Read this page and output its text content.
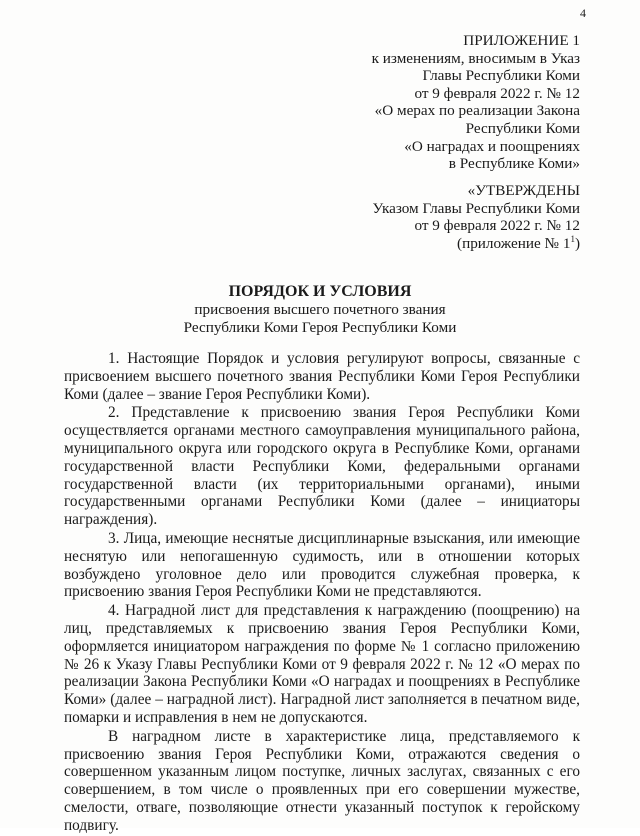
4
ПРИЛОЖЕНИЕ 1
к изменениям, вносимым в Указ
Главы Республики Коми
от 9 февраля 2022 г. № 12
«О мерах по реализации Закона
Республики Коми
«О наградах и поощрениях
в Республике Коми»
«УТВЕРЖДЕНЫ
Указом Главы Республики Коми
от 9 февраля 2022 г. № 12
(приложение № $1^1$)
ПОРЯДОК И УСЛОВИЯ
присвоения высшего почетного звания
Республики Коми Героя Республики Коми

1. Настоящие Порядок и условия регулируют вопросы, связанные с присвоением высшего почетного звания Республики Коми Героя Республики Коми (далее – звание Героя Республики Коми).

2. Представление к присвоению звания Героя Республики Коми осуществляется органами местного самоуправления муниципального района, муниципального округа или городского округа в Республике Коми, органами государственной власти Республики Коми, федеральными органами государственной власти (их территориальными органами), иными государственными органами Республики Коми (далее – инициаторы награждения).

3. Лица, имеющие неснятые дисциплинарные взыскания, или имеющие неснятую или непогашенную судимость, или в отношении которых возбуждено уголовное дело или проводится служебная проверка, к присвоению звания Героя Республики Коми не представляются.

4. Наградной лист для представления к награждению (поощрению) на лиц, представляемых к присвоению звания Героя Республики Коми, оформляется инициатором награждения по форме № 1 согласно приложению № 26 к Указу Главы Республики Коми от 9 февраля 2022 г. № 12 «О мерах по реализации Закона Республики Коми «О наградах и поощрениях в Республике Коми» (далее – наградной лист). Наградной лист заполняется в печатном виде, помарки и исправления в нем не допускаются.

В наградном листе в характеристике лица, представляемого к присвоению звания Героя Республики Коми, отражаются сведения о совершенном указанным лицом поступке, личных заслугах, связанных с его совершением, в том числе о проявленных при его совершении мужестве, смелости, отваге, позволяющие отнести указанный поступок к геройскому подвигу.
